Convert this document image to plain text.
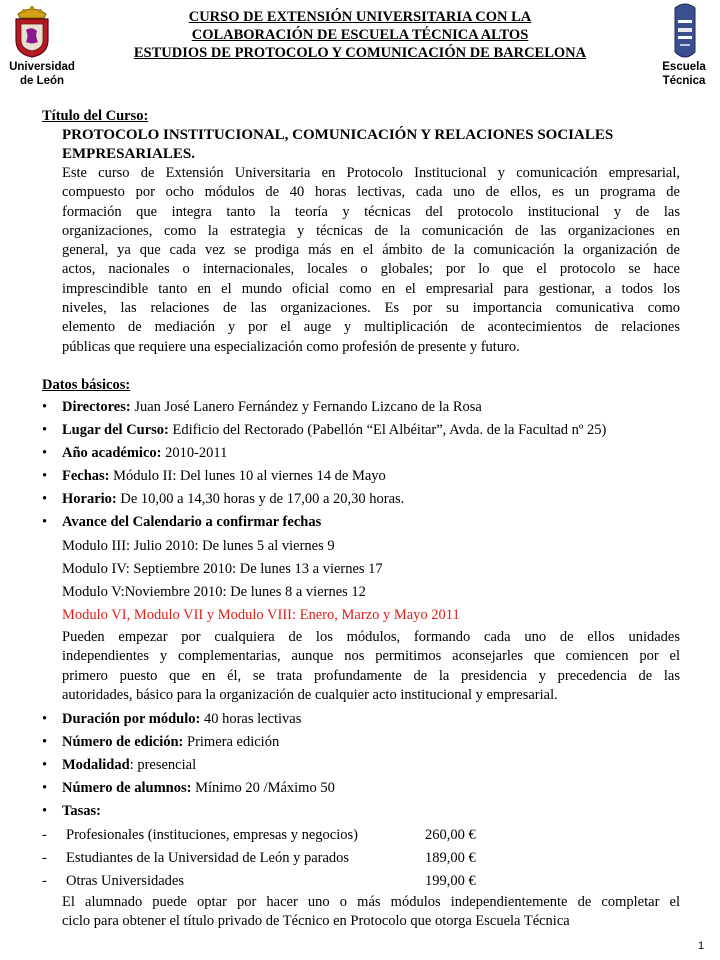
Universidad
de León
Escuela
Técnica
CURSO DE EXTENSIÓN UNIVERSITARIA CON LA
COLABORACIÓN DE ESCUELA TÉCNICA ALTOS
ESTUDIOS DE PROTOCOLO Y COMUNICACIÓN DE BARCELONA
Título del Curso:
PROTOCOLO INSTITUCIONAL, COMUNICACIÓN Y RELACIONES SOCIALES
EMPRESARIALES.
Este curso de Extensión Universitaria en Protocolo Institucional y comunicación empresarial,
compuesto por ocho módulos de 40 horas lectivas, cada uno de ellos, es un programa de
formación que integra tanto la teoría y técnicas del protocolo institucional y de las
organizaciones, como la estrategia y técnicas de la comunicación de las organizaciones en
general, ya que cada vez se prodiga más en el ámbito de la comunicación la organización de
actos, nacionales o internacionales, locales o globales; por lo que el protocolo se hace
imprescindible tanto en el mundo oficial como en el empresarial para gestionar, a todos los
niveles, las relaciones de las organizaciones. Es por su importancia comunicativa como
elemento de mediación y por el auge y multiplicación de acontecimientos de relaciones
públicas que requiere una especialización como profesión de presente y futuro.
Datos básicos:
• Directores: Juan José Lanero Fernández y Fernando Lizcano de la Rosa
• Lugar del Curso: Edificio del Rectorado (Pabellón “El Albéitar”, Avda. de la Facultad nº 25)
• Año académico: 2010-2011
• Fechas: Módulo II: Del lunes 10 al viernes 14 de Mayo
• Horario: De 10,00 a 14,30 horas y de 17,00 a 20,30 horas.
• Avance del Calendario a confirmar fechas
Modulo III: Julio 2010: De lunes 5 al viernes 9
Modulo IV: Septiembre 2010: De lunes 13 a viernes 17
Modulo V:Noviembre 2010: De lunes 8 a viernes 12
Modulo VI, Modulo VII y Modulo VIII: Enero, Marzo y Mayo 2011
Pueden empezar por cualquiera de los módulos, formando cada uno de ellos unidades
independientes y complementarias, aunque nos permitimos aconsejarles que comiencen por el
primero puesto que en él, se trata profundamente de la presidencia y precedencia de las
autoridades, básico para la organización de cualquier acto institucional y empresarial.
• Duración por módulo: 40 horas lectivas
• Número de edición: Primera edición
• Modalidad: presencial
• Número de alumnos: Mínimo 20 /Máximo 50
• Tasas:
- Profesionales (instituciones, empresas y negocios)	260,00 €
- Estudiantes de la Universidad de León y parados	189,00 €
- Otras Universidades	199,00 €
El alumnado puede optar por hacer uno o más módulos independientemente de completar el
ciclo para obtener el título privado de Técnico en Protocolo que otorga Escuela Técnica
1
